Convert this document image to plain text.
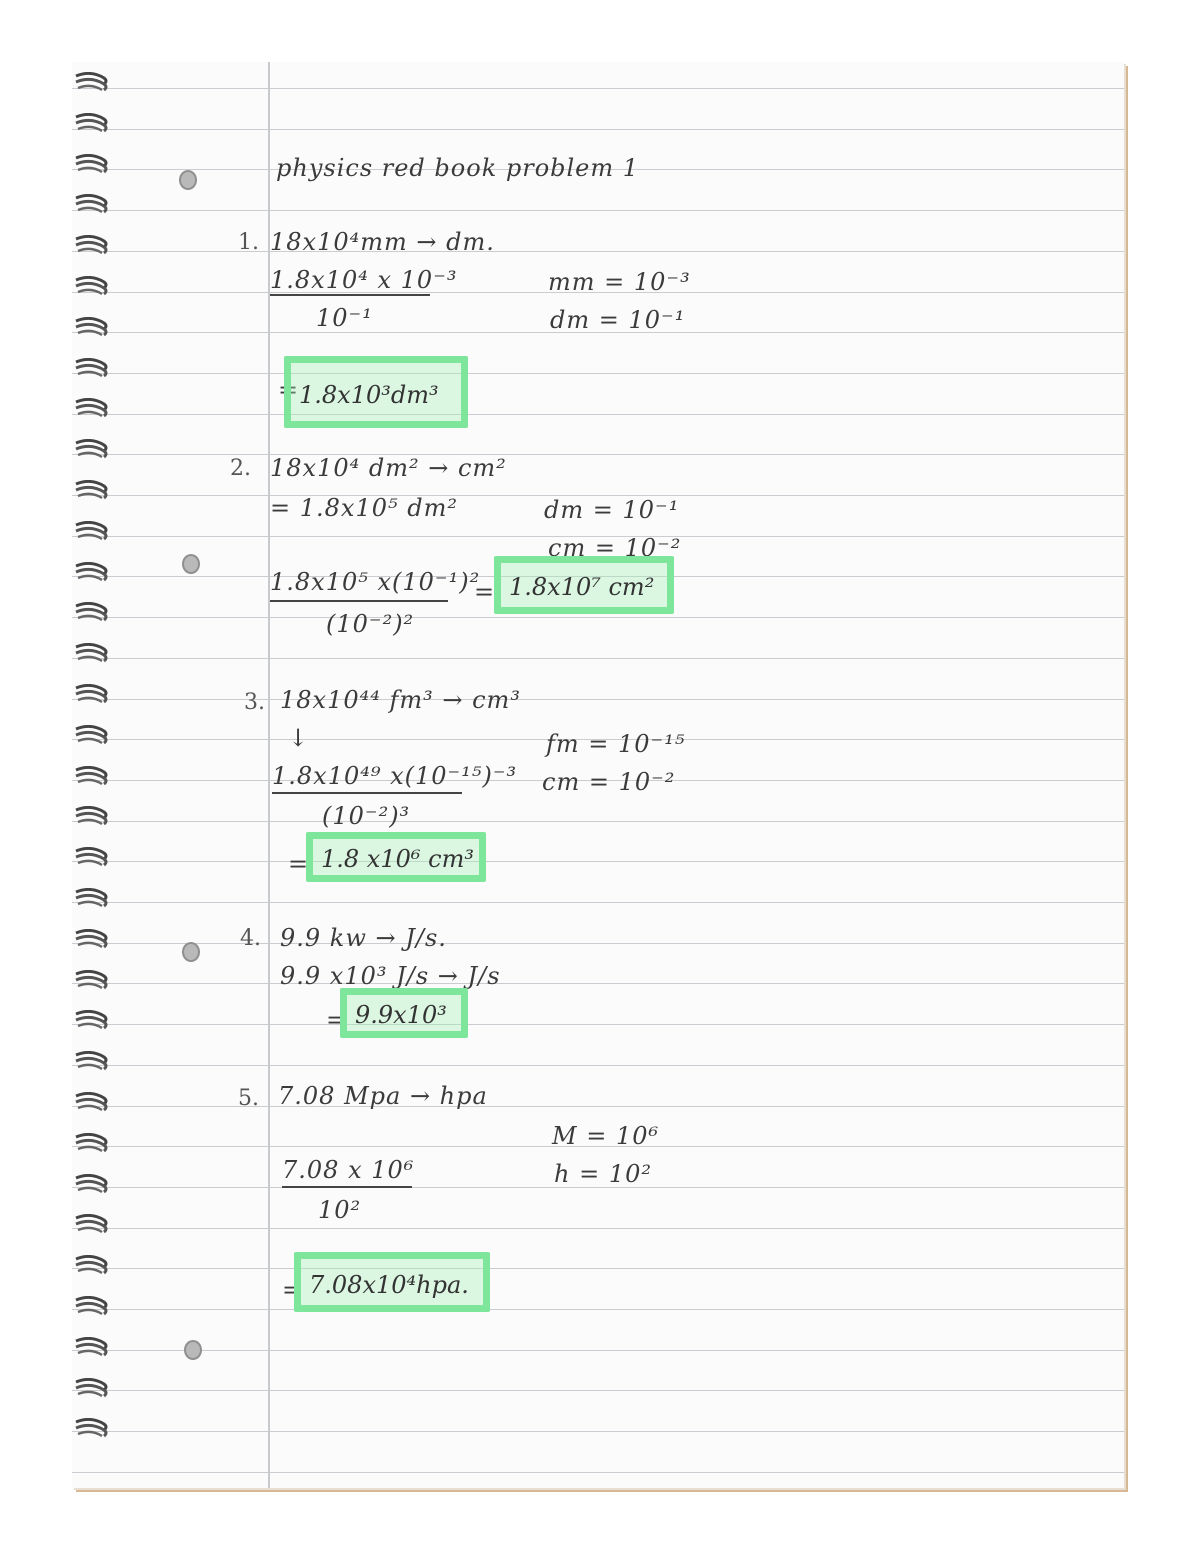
physics red book problem 1
1. 18x10⁴mm → dm.
1.8x10⁴ x 10⁻³
10⁻¹
mm = 10⁻³
dm = 10⁻¹
= 1.8x10³dm³
2. 18x10⁴ dm² → cm²
= 1.8x10⁵ dm²	dm = 10⁻¹
cm = 10⁻²
1.8x10⁵ x(10⁻¹)²
(10⁻²)²
= 1.8x10⁷ cm²
3. 18x10⁴⁴ fm³ → cm³
↓	fm = 10⁻¹⁵
cm = 10⁻²
1.8x10⁴⁹ x(10⁻¹⁵)⁻³
(10⁻²)³
= 1.8 x10⁶ cm³
4. 9.9 kw → J/s.
9.9 x10³ J/s → J/s
= 9.9x10³
5. 7.08 Mpa → hpa
M = 10⁶
h = 10²
7.08 x 10⁶
10²
= 7.08x10⁴hpa.
